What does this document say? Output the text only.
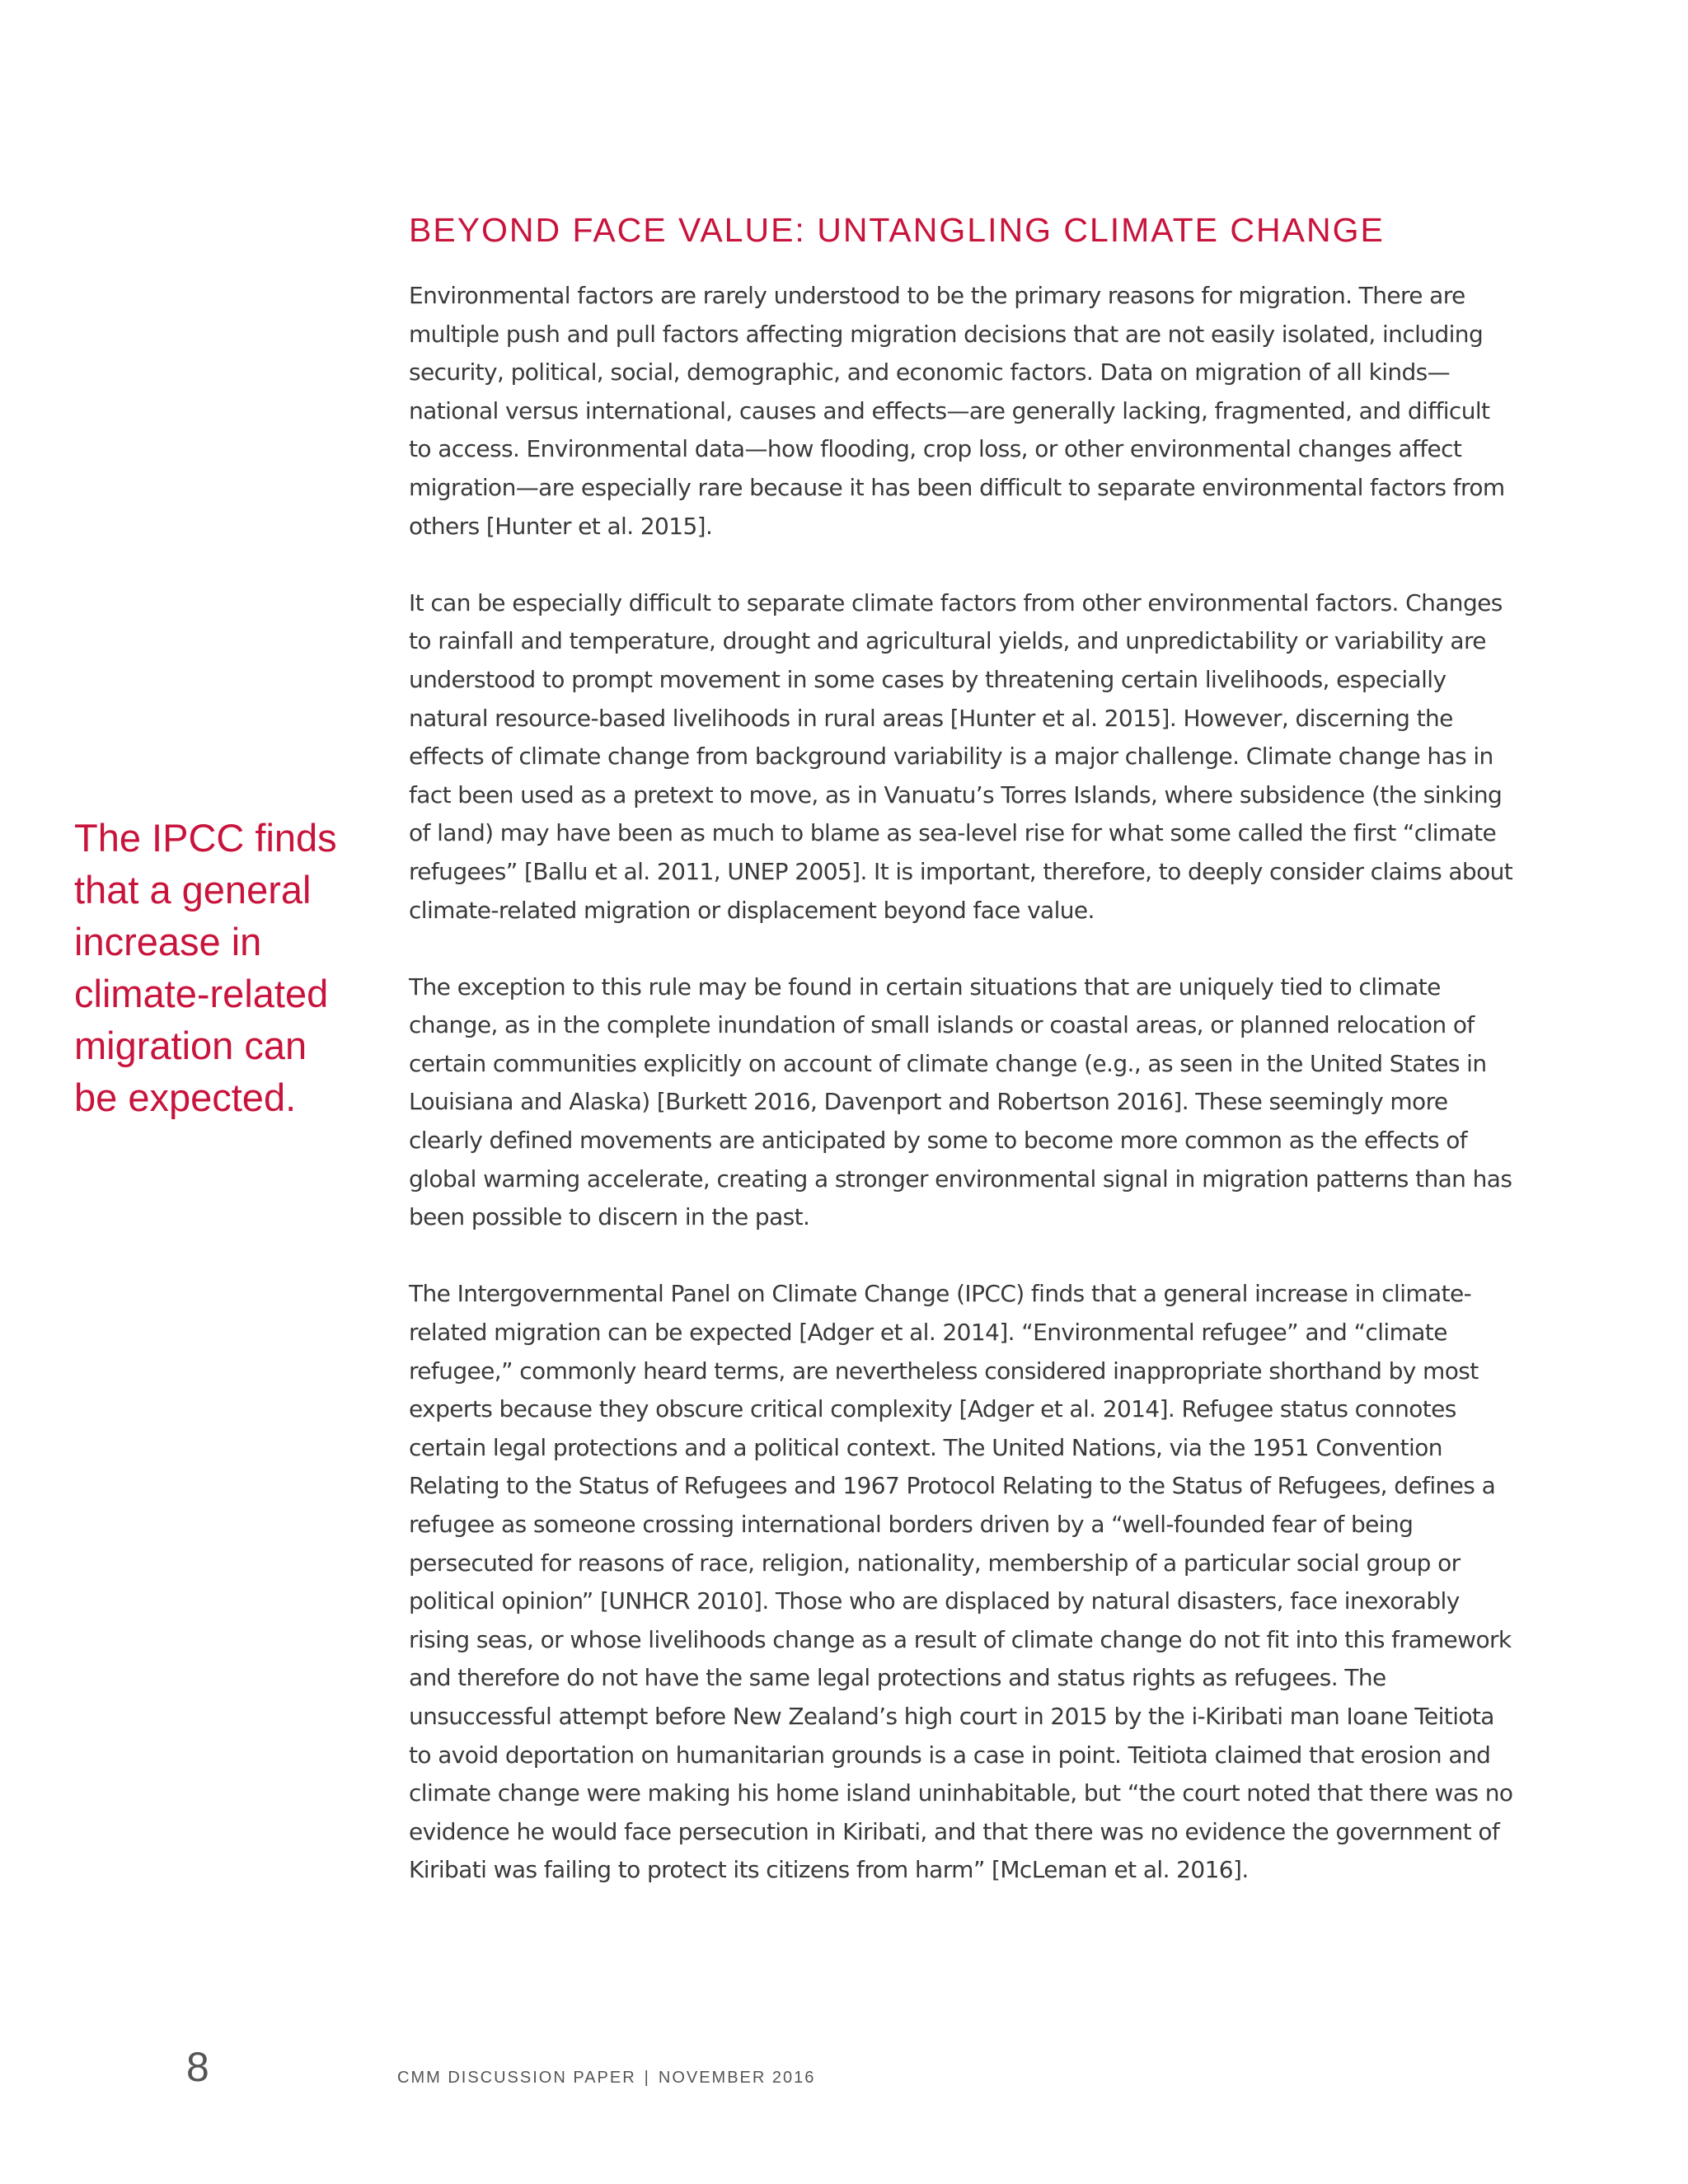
BEYOND FACE VALUE: UNTANGLING CLIMATE CHANGE

Environmental factors are rarely understood to be the primary reasons for migration. There are multiple push and pull factors affecting migration decisions that are not easily isolated, including security, political, social, demographic, and economic factors. Data on migration of all kinds—national versus international, causes and effects—are generally lacking, fragmented, and difficult to access. Environmental data—how flooding, crop loss, or other environmental changes affect migration—are especially rare because it has been difficult to separate environmental factors from others [Hunter et al. 2015].

It can be especially difficult to separate climate factors from other environmental factors. Changes to rainfall and temperature, drought and agricultural yields, and unpredictability or variability are understood to prompt movement in some cases by threatening certain livelihoods, especially natural resource-based livelihoods in rural areas [Hunter et al. 2015]. However, discerning the effects of climate change from background variability is a major challenge. Climate change has in fact been used as a pretext to move, as in Vanuatu’s Torres Islands, where subsidence (the sinking of land) may have been as much to blame as sea-level rise for what some called the first “climate refugees” [Ballu et al. 2011, UNEP 2005]. It is important, therefore, to deeply consider claims about climate-related migration or displacement beyond face value.

The exception to this rule may be found in certain situations that are uniquely tied to climate change, as in the complete inundation of small islands or coastal areas, or planned relocation of certain communities explicitly on account of climate change (e.g., as seen in the United States in Louisiana and Alaska) [Burkett 2016, Davenport and Robertson 2016]. These seemingly more clearly defined movements are anticipated by some to become more common as the effects of global warming accelerate, creating a stronger environmental signal in migration patterns than has been possible to discern in the past.

The Intergovernmental Panel on Climate Change (IPCC) finds that a general increase in climate-related migration can be expected [Adger et al. 2014]. “Environmental refugee” and “climate refugee,” commonly heard terms, are nevertheless considered inappropriate shorthand by most experts because they obscure critical complexity [Adger et al. 2014]. Refugee status connotes certain legal protections and a political context. The United Nations, via the 1951 Convention Relating to the Status of Refugees and 1967 Protocol Relating to the Status of Refugees, defines a refugee as someone crossing international borders driven by a “well-founded fear of being persecuted for reasons of race, religion, nationality, membership of a particular social group or political opinion” [UNHCR 2010]. Those who are displaced by natural disasters, face inexorably rising seas, or whose livelihoods change as a result of climate change do not fit into this framework and therefore do not have the same legal protections and status rights as refugees. The unsuccessful attempt before New Zealand’s high court in 2015 by the i-Kiribati man Ioane Teitiota to avoid deportation on humanitarian grounds is a case in point. Teitiota claimed that erosion and climate change were making his home island uninhabitable, but “the court noted that there was no evidence he would face persecution in Kiribati, and that there was no evidence the government of Kiribati was failing to protect its citizens from harm” [McLeman et al. 2016].

The IPCC finds that a general increase in climate-related migration can be expected.

8	CMM DISCUSSION PAPER | NOVEMBER 2016
